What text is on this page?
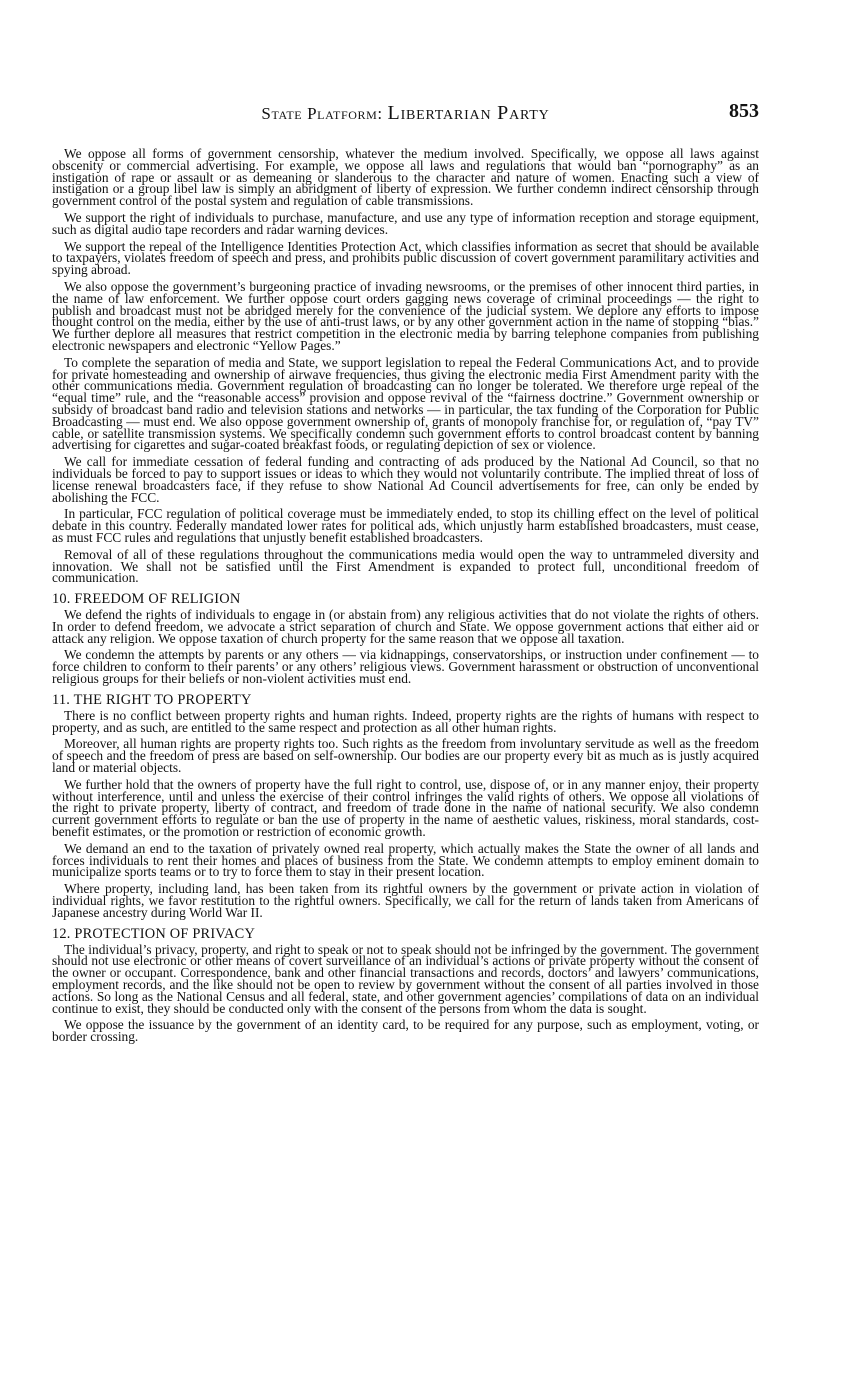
State Platform: Libertarian Party	853

We oppose all forms of government censorship, whatever the medium involved. Specifically, we oppose all laws against obscenity or commercial advertising. For example, we oppose all laws and regulations that would ban “pornography” as an instigation of rape or assault or as demeaning or slanderous to the character and nature of women. Enacting such a view of instigation or a group libel law is simply an abridgment of liberty of expression. We further condemn indirect censorship through government control of the postal system and regulation of cable transmissions.

We support the right of individuals to purchase, manufacture, and use any type of information reception and storage equipment, such as digital audio tape recorders and radar warning devices.

We support the repeal of the Intelligence Identities Protection Act, which classifies information as secret that should be available to taxpayers, violates freedom of speech and press, and prohibits public discussion of covert government paramilitary activities and spying abroad.

We also oppose the government’s burgeoning practice of invading newsrooms, or the premises of other innocent third parties, in the name of law enforcement. We further oppose court orders gagging news coverage of criminal proceedings — the right to publish and broadcast must not be abridged merely for the convenience of the judicial system. We deplore any efforts to impose thought control on the media, either by the use of anti-trust laws, or by any other government action in the name of stopping “bias.” We further deplore all measures that restrict competition in the electronic media by barring telephone companies from publishing electronic newspapers and electronic “Yellow Pages.”

To complete the separation of media and State, we support legislation to repeal the Federal Communications Act, and to provide for private homesteading and ownership of airwave frequencies, thus giving the electronic media First Amendment parity with the other communications media. Government regulation of broadcasting can no longer be tolerated. We therefore urge repeal of the “equal time” rule, and the “reasonable access” provision and oppose revival of the “fairness doctrine.” Government ownership or subsidy of broadcast band radio and television stations and networks — in particular, the tax funding of the Corporation for Public Broadcasting — must end. We also oppose government ownership of, grants of monopoly franchise for, or regulation of, “pay TV” cable, or satellite transmission systems. We specifically condemn such government efforts to control broadcast content by banning advertising for cigarettes and sugar-coated breakfast foods, or regulating depiction of sex or violence.

We call for immediate cessation of federal funding and contracting of ads produced by the National Ad Council, so that no individuals be forced to pay to support issues or ideas to which they would not voluntarily contribute. The implied threat of loss of license renewal broadcasters face, if they refuse to show National Ad Council advertisements for free, can only be ended by abolishing the FCC.

In particular, FCC regulation of political coverage must be immediately ended, to stop its chilling effect on the level of political debate in this country. Federally mandated lower rates for political ads, which unjustly harm established broadcasters, must cease, as must FCC rules and regulations that unjustly benefit established broadcasters.

Removal of all of these regulations throughout the communications media would open the way to untrammeled diversity and innovation. We shall not be satisfied until the First Amendment is expanded to protect full, unconditional freedom of communication.

10. FREEDOM OF RELIGION

We defend the rights of individuals to engage in (or abstain from) any religious activities that do not violate the rights of others. In order to defend freedom, we advocate a strict separation of church and State. We oppose government actions that either aid or attack any religion. We oppose taxation of church property for the same reason that we oppose all taxation.

We condemn the attempts by parents or any others — via kidnappings, conservatorships, or instruction under confinement — to force children to conform to their parents’ or any others’ religious views. Government harassment or obstruction of unconventional religious groups for their beliefs or non-violent activities must end.

11. THE RIGHT TO PROPERTY

There is no conflict between property rights and human rights. Indeed, property rights are the rights of humans with respect to property, and as such, are entitled to the same respect and protection as all other human rights.

Moreover, all human rights are property rights too. Such rights as the freedom from involuntary servitude as well as the freedom of speech and the freedom of press are based on self-ownership. Our bodies are our property every bit as much as is justly acquired land or material objects.

We further hold that the owners of property have the full right to control, use, dispose of, or in any manner enjoy, their property without interference, until and unless the exercise of their control infringes the valid rights of others. We oppose all violations of the right to private property, liberty of contract, and freedom of trade done in the name of national security. We also condemn current government efforts to regulate or ban the use of property in the name of aesthetic values, riskiness, moral standards, cost-benefit estimates, or the promotion or restriction of economic growth.

We demand an end to the taxation of privately owned real property, which actually makes the State the owner of all lands and forces individuals to rent their homes and places of business from the State. We condemn attempts to employ eminent domain to municipalize sports teams or to try to force them to stay in their present location.

Where property, including land, has been taken from its rightful owners by the government or private action in violation of individual rights, we favor restitution to the rightful owners. Specifically, we call for the return of lands taken from Americans of Japanese ancestry during World War II.

12. PROTECTION OF PRIVACY

The individual’s privacy, property, and right to speak or not to speak should not be infringed by the government. The government should not use electronic or other means of covert surveillance of an individual’s actions or private property without the consent of the owner or occupant. Correspondence, bank and other financial transactions and records, doctors’ and lawyers’ communications, employment records, and the like should not be open to review by government without the consent of all parties involved in those actions. So long as the National Census and all federal, state, and other government agencies’ compilations of data on an individual continue to exist, they should be conducted only with the consent of the persons from whom the data is sought.

We oppose the issuance by the government of an identity card, to be required for any purpose, such as employment, voting, or border crossing.
